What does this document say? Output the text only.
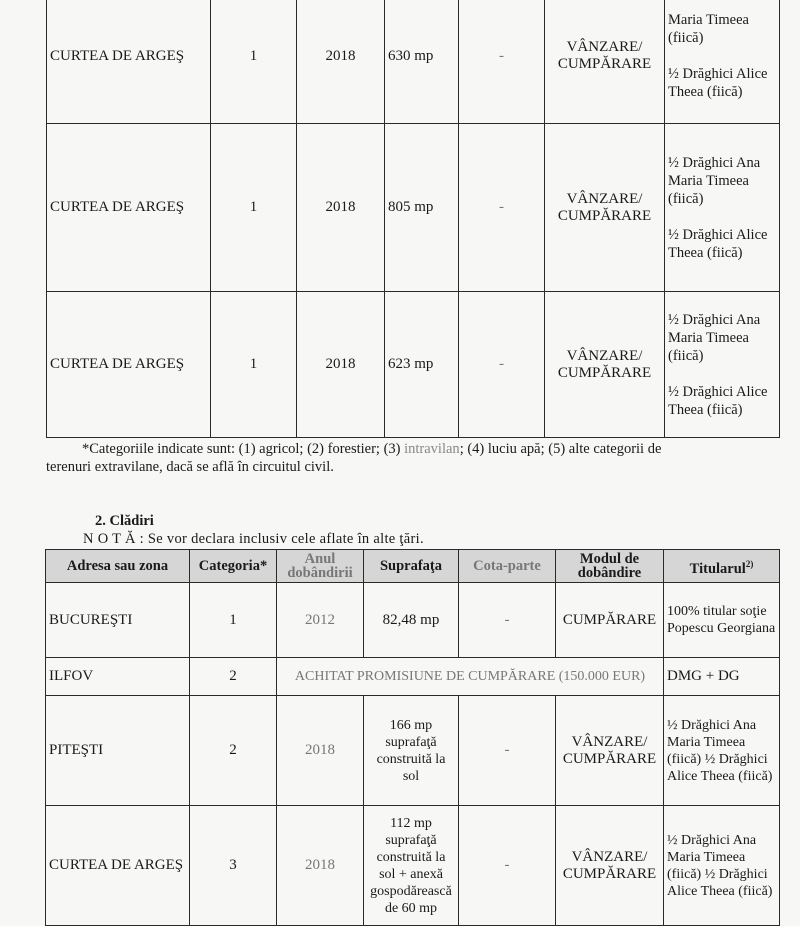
CURTEA DE ARGEŞ	1	2018	630 mp	-	VÂNZARE/ CUMPĂRARE	Maria Timeea
(fiică)
½ Drăghici Alice Theea (fiică)

CURTEA DE ARGEŞ	1	2018	805 mp	-	VÂNZARE/ CUMPĂRARE	½ Drăghici Ana Maria Timeea (fiică)
½ Drăghici Alice Theea (fiică)

CURTEA DE ARGEŞ	1	2018	623 mp	-	VÂNZARE/ CUMPĂRARE	½ Drăghici Ana Maria Timeea (fiică)
½ Drăghici Alice Theea (fiică)
*Categoriile indicate sunt: (1) agricol; (2) forestier; (3) intravilan; (4) luciu apă; (5) alte categorii de
terenuri extravilane, dacă se află în circuitul civil.
2. Clădiri
N O T Ă : Se vor declara inclusiv cele aflate în alte ţări.
Adresa sau zona	Categoria*	Anul dobândirii	Suprafaţa	Cota-parte	Modul de dobândire	Titularul$^{2)}$
BUCUREŞTI	1	2012	82,48 mp	-	CUMPĂRARE	100% titular soţie Popescu Georgiana
ILFOV	2	ACHITAT PROMISIUNE DE CUMPĂRARE (150.000 EUR)				DMG + DG
PITEŞTI	2	2018	166 mp suprafaţă construită la sol	-	VÂNZARE/ CUMPĂRARE	½ Drăghici Ana Maria Timeea (fiică) ½ Drăghici Alice Theea (fiică)
CURTEA DE ARGEŞ	3	2018	112 mp suprafaţă construită la sol + anexă gospodărească de 60 mp	-	VÂNZARE/ CUMPĂRARE	½ Drăghici Ana Maria Timeea (fiică) ½ Drăghici Alice Theea (fiică)
